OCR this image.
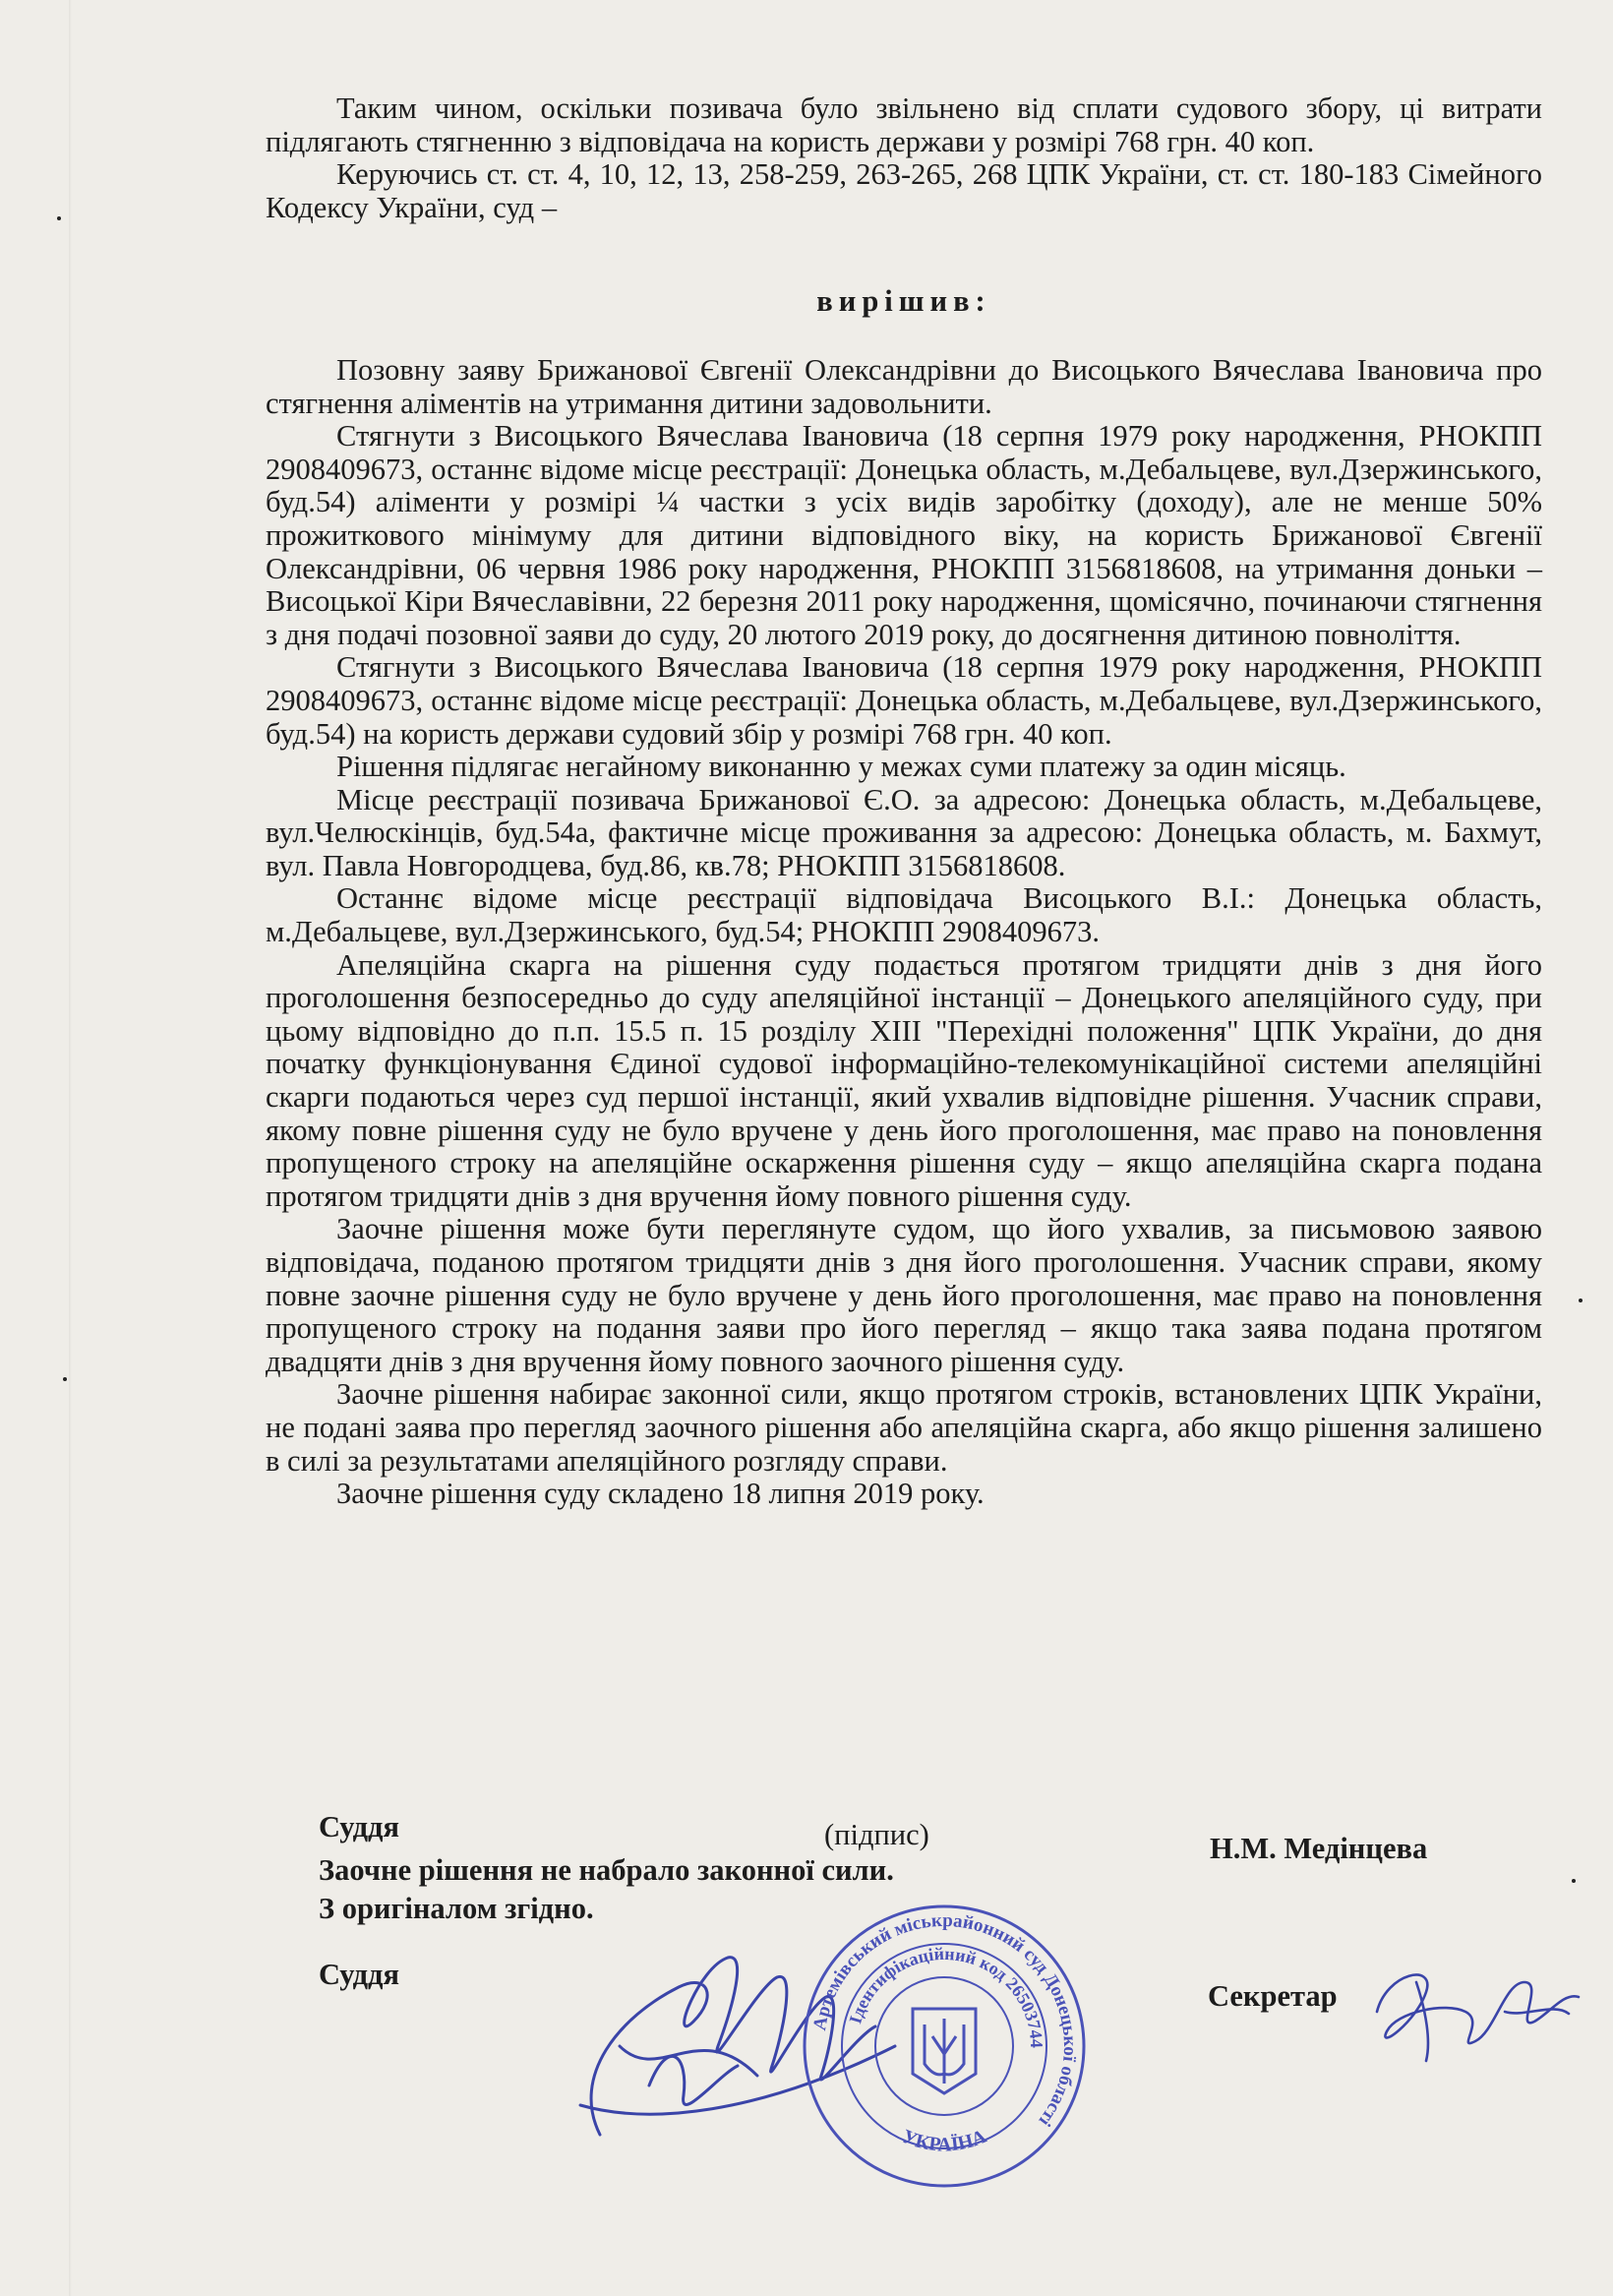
Таким чином, оскільки позивача було звільнено від сплати судового збору, ці витрати підлягають стягненню з відповідача на користь держави у розмірі 768 грн. 40 коп.

Керуючись ст. ст. 4, 10, 12, 13, 258-259, 263-265, 268 ЦПК України, ст. ст. 180-183 Сімейного Кодексу України, суд –

вирішив:

Позовну заяву Брижанової Євгенії Олександрівни до Висоцького Вячеслава Івановича про стягнення аліментів на утримання дитини задовольнити.

Стягнути з Висоцького Вячеслава Івановича (18 серпня 1979 року народження, РНОКПП 2908409673, останнє відоме місце реєстрації: Донецька область, м.Дебальцеве, вул.Дзержинського, буд.54) аліменти у розмірі ¼ частки з усіх видів заробітку (доходу), але не менше 50% прожиткового мінімуму для дитини відповідного віку, на користь Брижанової Євгенії Олександрівни, 06 червня 1986 року народження, РНОКПП 3156818608, на утримання доньки – Висоцької Кіри Вячеславівни, 22 березня 2011 року народження, щомісячно, починаючи стягнення з дня подачі позовної заяви до суду, 20 лютого 2019 року, до досягнення дитиною повноліття.

Стягнути з Висоцького Вячеслава Івановича (18 серпня 1979 року народження, РНОКПП 2908409673, останнє відоме місце реєстрації: Донецька область, м.Дебальцеве, вул.Дзержинського, буд.54) на користь держави судовий збір у розмірі 768 грн. 40 коп.

Рішення підлягає негайному виконанню у межах суми платежу за один місяць.

Місце реєстрації позивача Брижанової Є.О. за адресою: Донецька область, м.Дебальцеве, вул.Челюскінців, буд.54а, фактичне місце проживання за адресою: Донецька область, м. Бахмут, вул. Павла Новгородцева, буд.86, кв.78; РНОКПП 3156818608.

Останнє відоме місце реєстрації відповідача Висоцького В.І.: Донецька область, м.Дебальцеве, вул.Дзержинського, буд.54; РНОКПП 2908409673.

Апеляційна скарга на рішення суду подається протягом тридцяти днів з дня його проголошення безпосередньо до суду апеляційної інстанції – Донецького апеляційного суду, при цьому відповідно до п.п. 15.5 п. 15 розділу XIII "Перехідні положення" ЦПК України, до дня початку функціонування Єдиної судової інформаційно-телекомунікаційної системи апеляційні скарги подаються через суд першої інстанції, який ухвалив відповідне рішення. Учасник справи, якому повне рішення суду не було вручене у день його проголошення, має право на поновлення пропущеного строку на апеляційне оскарження рішення суду – якщо апеляційна скарга подана протягом тридцяти днів з дня вручення йому повного рішення суду.

Заочне рішення може бути переглянуте судом, що його ухвалив, за письмовою заявою відповідача, поданою протягом тридцяти днів з дня його проголошення. Учасник справи, якому повне заочне рішення суду не було вручене у день його проголошення, має право на поновлення пропущеного строку на подання заяви про його перегляд – якщо така заява подана протягом двадцяти днів з дня вручення йому повного заочного рішення суду.

Заочне рішення набирає законної сили, якщо протягом строків, встановлених ЦПК України, не подані заява про перегляд заочного рішення або апеляційна скарга, або якщо рішення залишено в силі за результатами апеляційного розгляду справи.

Заочне рішення суду складено 18 липня 2019 року.

Суддя	(підпис)	Н.М. Медінцева
Заочне рішення не набрало законної сили.
З оригіналом згідно.
Суддя
Секретар
Артемівський міськрайонний суд Донецької області
Ідентифікаційний код 26503744
УКРАЇНА
